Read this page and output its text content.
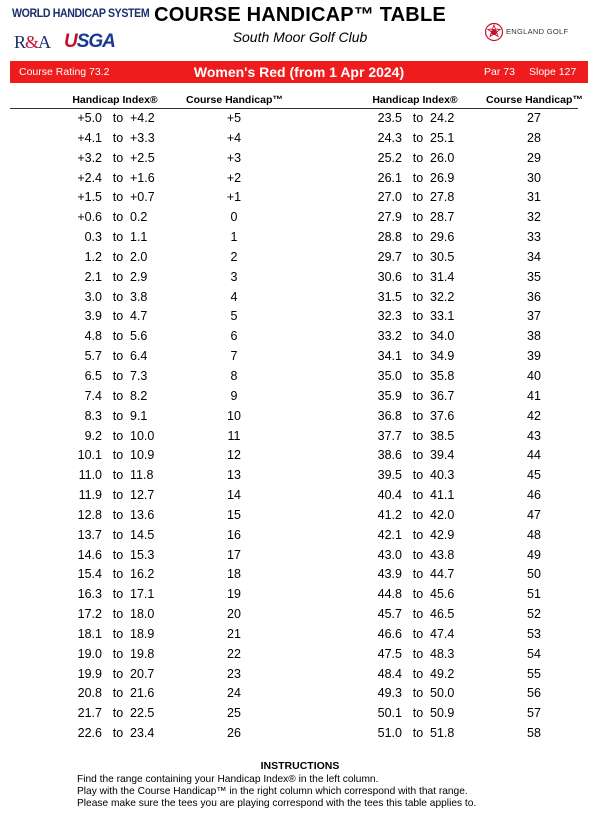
WORLD HANDICAP SYSTEM
R&A USGA
COURSE HANDICAP™ TABLE
South Moor Golf Club	ENGLAND GOLF
Course Rating 73.2	Women's Red (from 1 Apr 2024)	Par 73 Slope 127
Handicap Index®	Course Handicap™	Handicap Index®	Course Handicap™
+5.0 to +4.2	+5	23.5 to 24.2	27
+4.1 to +3.3	+4	24.3 to 25.1	28
+3.2 to +2.5	+3	25.2 to 26.0	29
+2.4 to +1.6	+2	26.1 to 26.9	30
+1.5 to +0.7	+1	27.0 to 27.8	31
+0.6 to 0.2	0	27.9 to 28.7	32
0.3 to 1.1	1	28.8 to 29.6	33
1.2 to 2.0	2	29.7 to 30.5	34
2.1 to 2.9	3	30.6 to 31.4	35
3.0 to 3.8	4	31.5 to 32.2	36
3.9 to 4.7	5	32.3 to 33.1	37
4.8 to 5.6	6	33.2 to 34.0	38
5.7 to 6.4	7	34.1 to 34.9	39
6.5 to 7.3	8	35.0 to 35.8	40
7.4 to 8.2	9	35.9 to 36.7	41
8.3 to 9.1	10	36.8 to 37.6	42
9.2 to 10.0	11	37.7 to 38.5	43
10.1 to 10.9	12	38.6 to 39.4	44
11.0 to 11.8	13	39.5 to 40.3	45
11.9 to 12.7	14	40.4 to 41.1	46
12.8 to 13.6	15	41.2 to 42.0	47
13.7 to 14.5	16	42.1 to 42.9	48
14.6 to 15.3	17	43.0 to 43.8	49
15.4 to 16.2	18	43.9 to 44.7	50
16.3 to 17.1	19	44.8 to 45.6	51
17.2 to 18.0	20	45.7 to 46.5	52
18.1 to 18.9	21	46.6 to 47.4	53
19.0 to 19.8	22	47.5 to 48.3	54
19.9 to 20.7	23	48.4 to 49.2	55
20.8 to 21.6	24	49.3 to 50.0	56
21.7 to 22.5	25	50.1 to 50.9	57
22.6 to 23.4	26	51.0 to 51.8	58
INSTRUCTIONS
Find the range containing your Handicap Index® in the left column.
Play with the Course Handicap™ in the right column which correspond with that range.
Please make sure the tees you are playing correspond with the tees this table applies to.
